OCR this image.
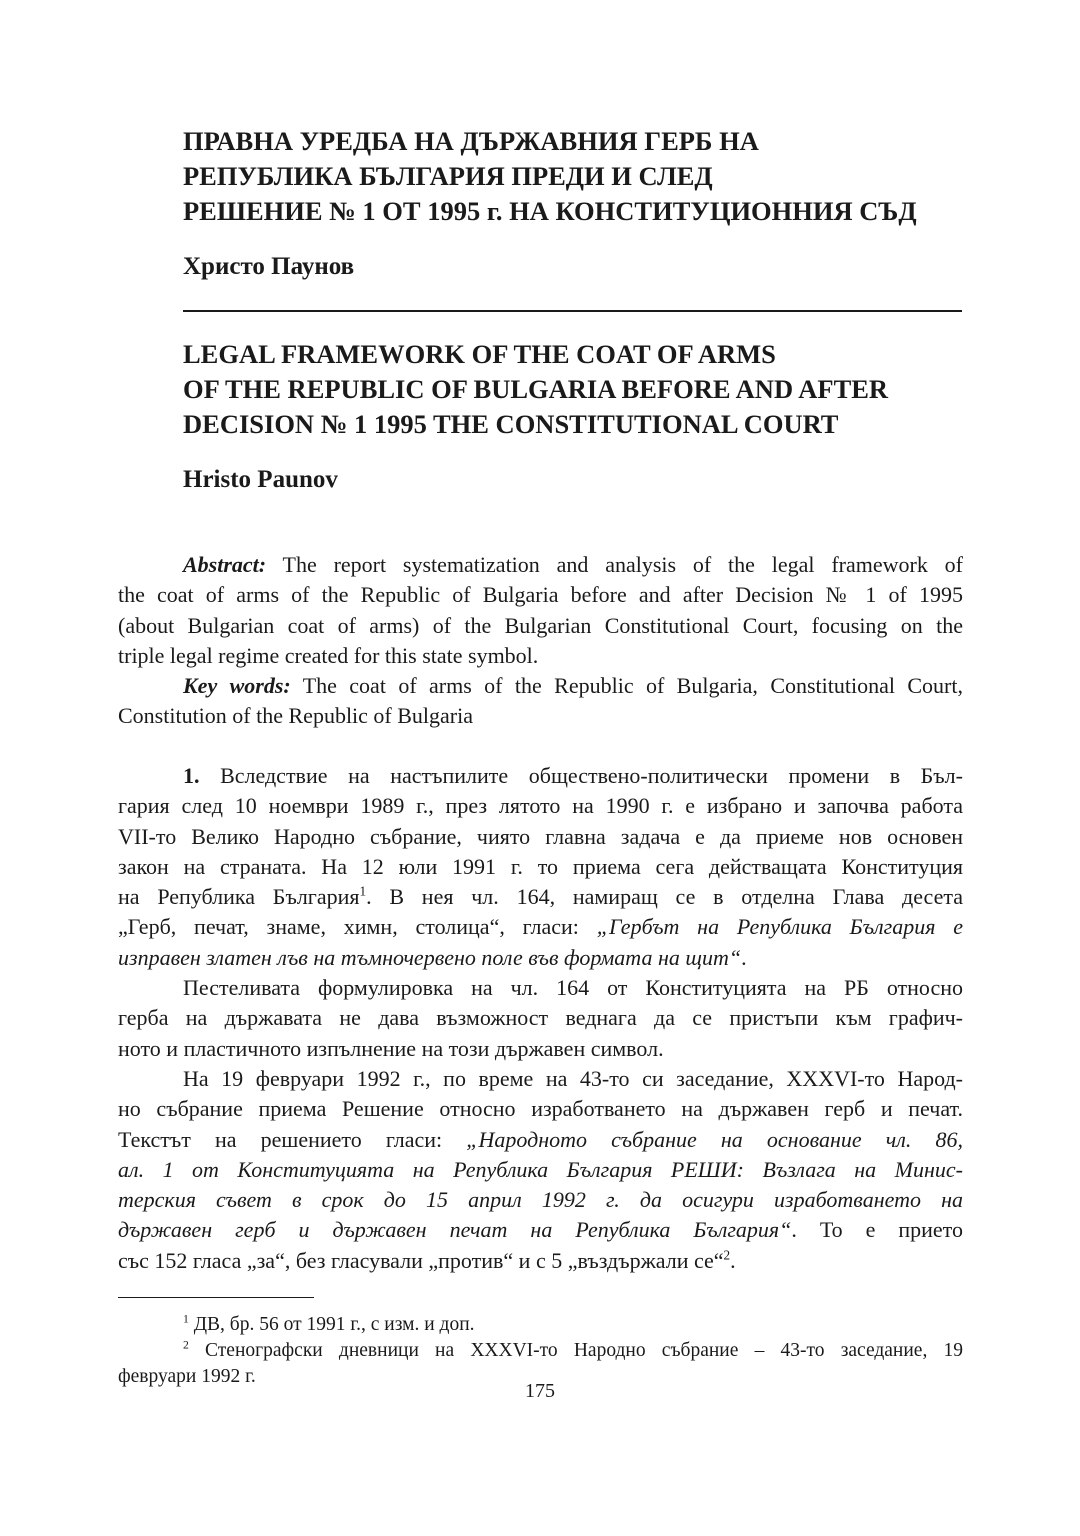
ПРАВНА УРЕДБА НА ДЪРЖАВНИЯ ГЕРБ НА
РЕПУБЛИКА БЪЛГАРИЯ ПРЕДИ И СЛЕД
РЕШЕНИЕ № 1 ОТ 1995 г. НА КОНСТИТУЦИОННИЯ СЪД

Христо Паунов

LEGAL FRAMEWORK OF THE COAT OF ARMS
OF THE REPUBLIC OF BULGARIA BEFORE AND AFTER
DECISION № 1 1995 THE CONSTITUTIONAL COURT

Hristo Paunov

Abstract: The report systematization and analysis of the legal framework of
the coat of arms of the Republic of Bulgaria before and after Decision № 1 of 1995
(about Bulgarian coat of arms) of the Bulgarian Constitutional Court, focusing on the
triple legal regime created for this state symbol.
Key words: The coat of arms of the Republic of Bulgaria, Constitutional Court,
Constitution of the Republic of Bulgaria
1. Вследствие на настъпилите обществено-политически промени в Бъл-
гария след 10 ноември 1989 г., през лятото на 1990 г. е избрано и започва работа
VII-то Велико Народно събрание, чиято главна задача е да приеме нов основен
закон на страната. На 12 юли 1991 г. то приема сега действащата Конституция
на Република България$^1$. В нея чл. 164, намиращ се в отделна Глава десета
„Герб, печат, знаме, химн, столица“, гласи: „Гербът на Република България е
изправен златен лъв на тъмночервено поле във формата на щит“.
Пестеливата формулировка на чл. 164 от Конституцията на РБ относно
герба на държавата не дава възможност веднага да се пристъпи към графич-
ното и пластичното изпълнение на този държавен символ.
На 19 февруари 1992 г., по време на 43-то си заседание, XXXVI-то Народ-
но събрание приема Решение относно изработването на държавен герб и печат.
Текстът на решението гласи: „Народното събрание на основание чл. 86,
ал. 1 от Конституцията на Република България РЕШИ: Възлага на Минис-
терския съвет в срок до 15 април 1992 г. да осигури изработването на
държавен герб и държавен печат на Република България“. То е прието
със 152 гласа „за“, без гласували „против“ и с 5 „въздържали се“$^2$.
$^1$ ДВ, бр. 56 от 1991 г., с изм. и доп.
$^2$ Стенографски дневници на XXXVI-то Народно събрание – 43-то заседание, 19
февруари 1992 г.
175
